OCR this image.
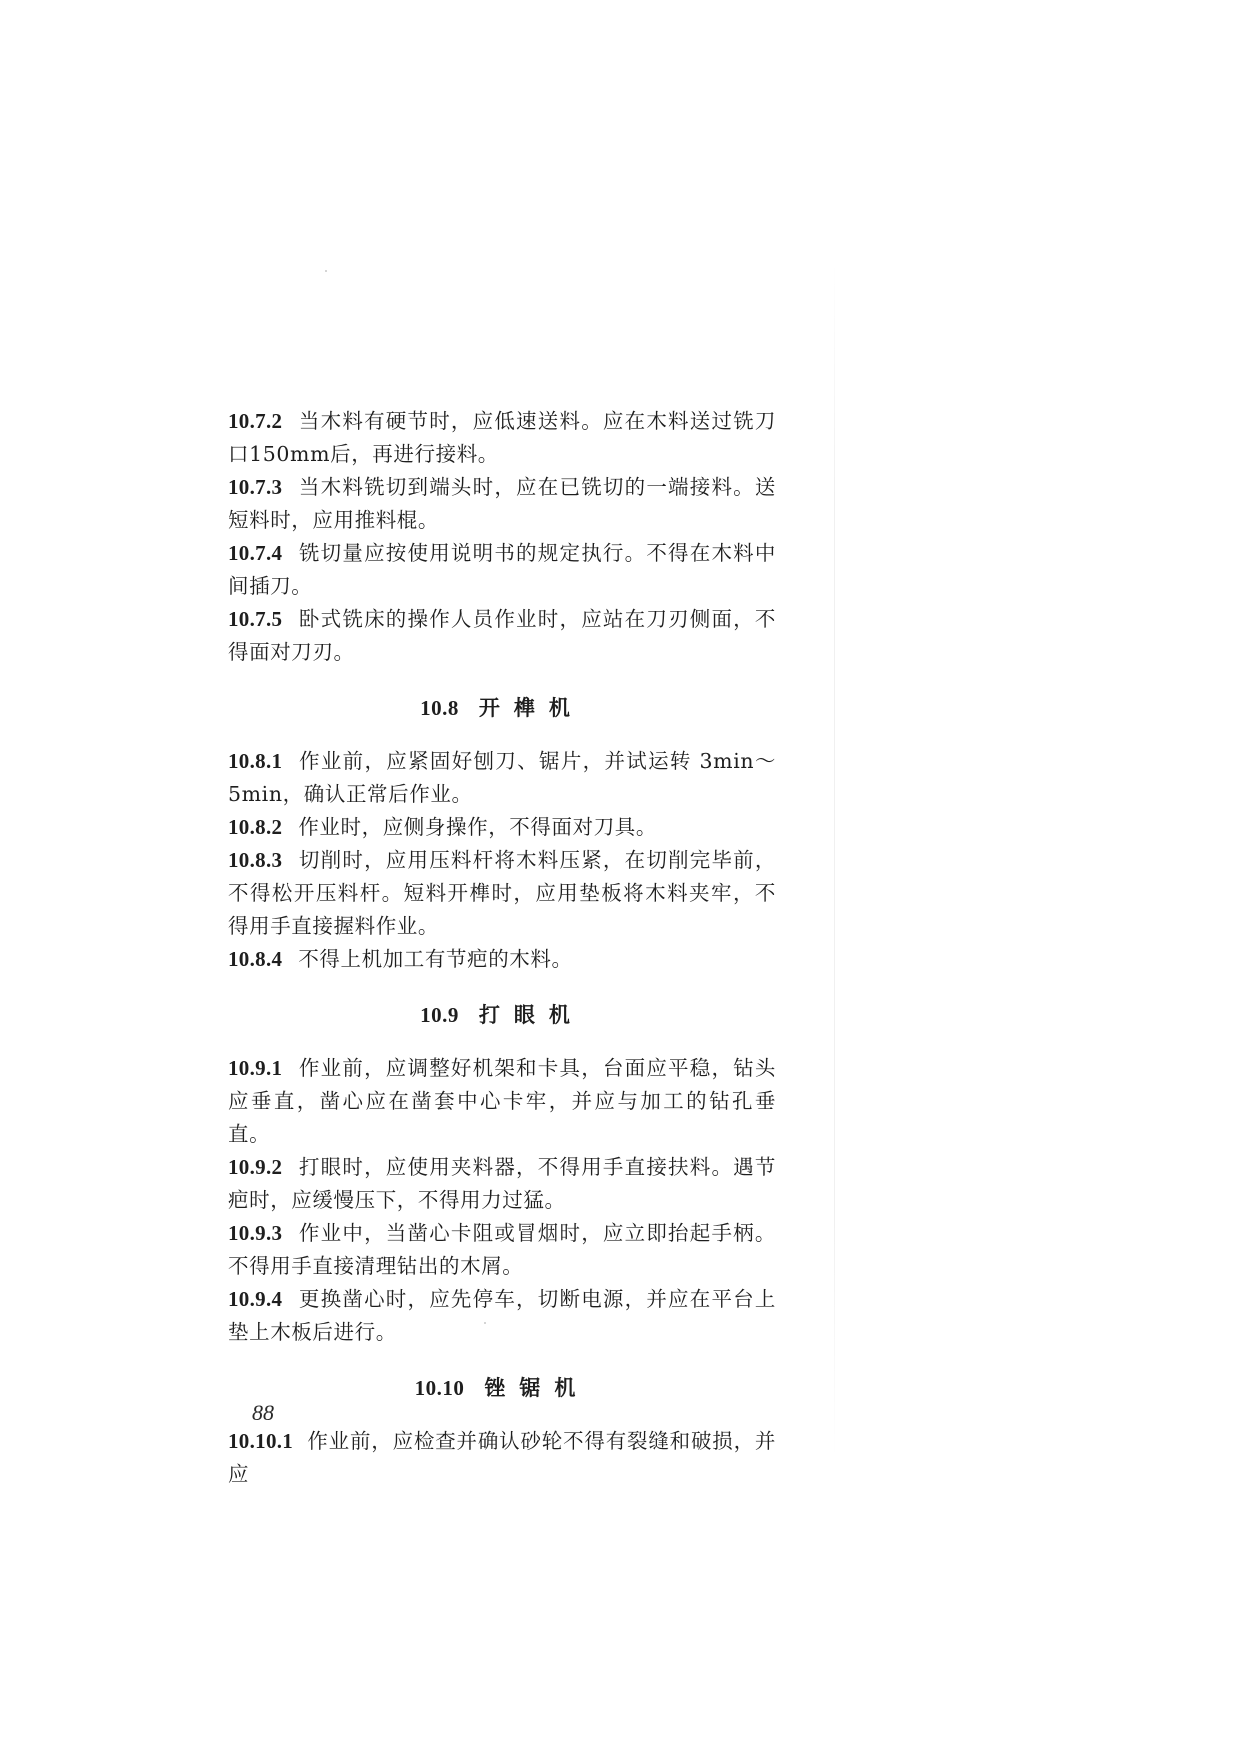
10.7.2 当木料有硬节时，应低速送料。应在木料送过铣刀口150mm后，再进行接料。

10.7.3 当木料铣切到端头时，应在已铣切的一端接料。送短料时，应用推料棍。

10.7.4 铣切量应按使用说明书的规定执行。不得在木料中间插刀。

10.7.5 卧式铣床的操作人员作业时，应站在刀刃侧面，不得面对刀刃。

10.8 开榫机

10.8.1 作业前，应紧固好刨刀、锯片，并试运转 3min～5min，确认正常后作业。

10.8.2 作业时，应侧身操作，不得面对刀具。

10.8.3 切削时，应用压料杆将木料压紧，在切削完毕前，不得松开压料杆。短料开榫时，应用垫板将木料夹牢，不得用手直接握料作业。

10.8.4 不得上机加工有节疤的木料。

10.9 打眼机

10.9.1 作业前，应调整好机架和卡具，台面应平稳，钻头应垂直，凿心应在凿套中心卡牢，并应与加工的钻孔垂直。

10.9.2 打眼时，应使用夹料器，不得用手直接扶料。遇节疤时，应缓慢压下，不得用力过猛。

10.9.3 作业中，当凿心卡阻或冒烟时，应立即抬起手柄。不得用手直接清理钻出的木屑。

10.9.4 更换凿心时，应先停车，切断电源，并应在平台上垫上木板后进行。

10.10 锉锯机

10.10.1 作业前，应检查并确认砂轮不得有裂缝和破损，并应

88
